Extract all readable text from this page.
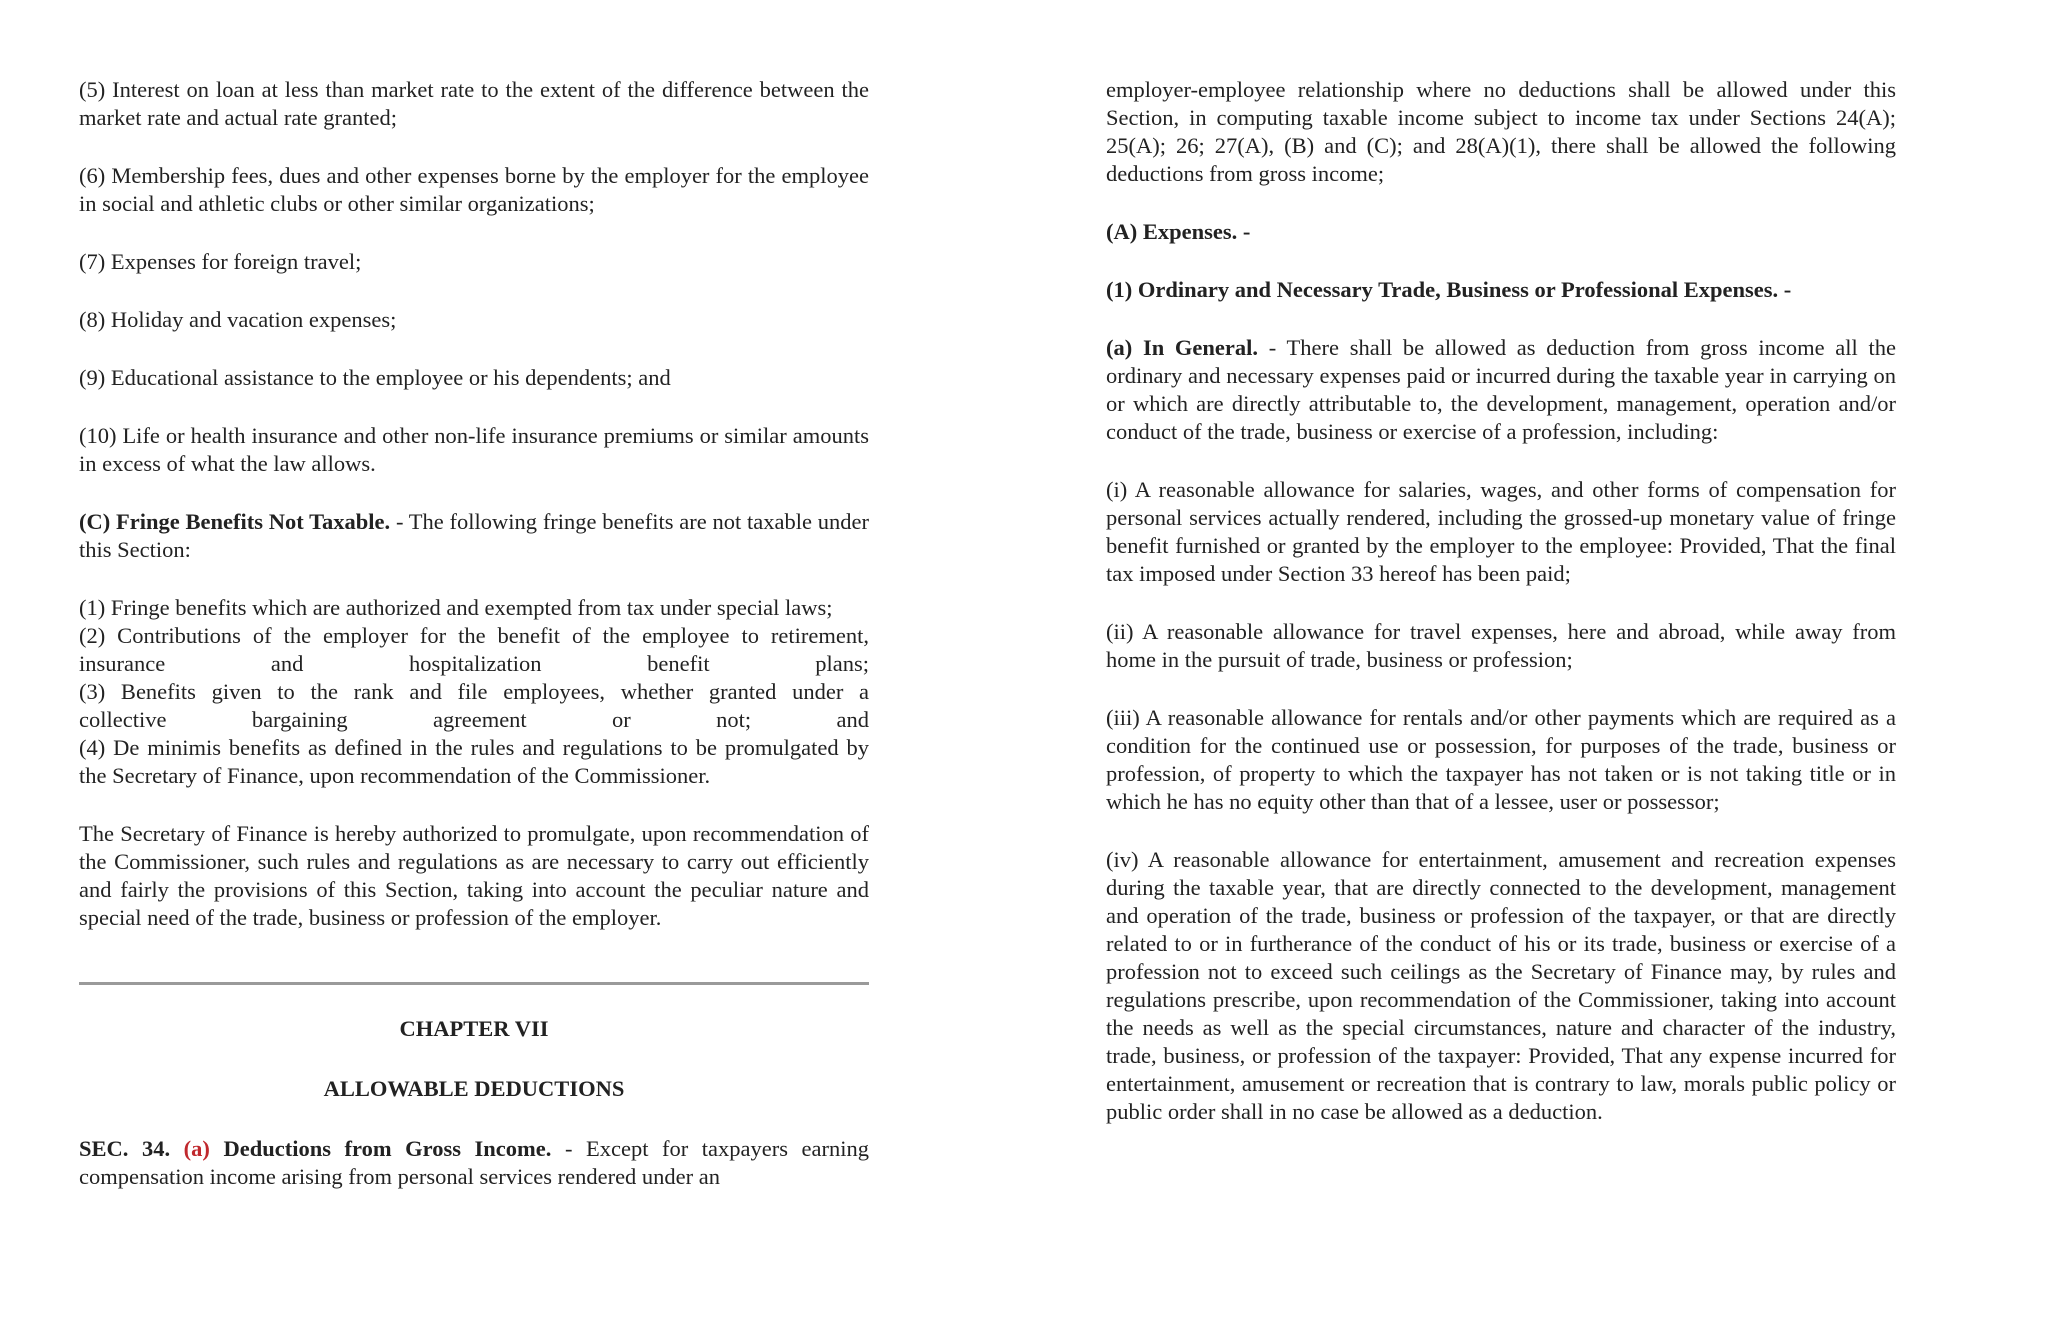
(5) Interest on loan at less than market rate to the extent of the difference between the market rate and actual rate granted;

(6) Membership fees, dues and other expenses borne by the employer for the employee in social and athletic clubs or other similar organizations;

(7) Expenses for foreign travel;

(8) Holiday and vacation expenses;

(9) Educational assistance to the employee or his dependents; and

(10) Life or health insurance and other non-life insurance premiums or similar amounts in excess of what the law allows.

(C) Fringe Benefits Not Taxable. - The following fringe benefits are not taxable under this Section:

(1) Fringe benefits which are authorized and exempted from tax under special laws;

(2) Contributions of the employer for the benefit of the employee to retirement,
insurance and hospitalization benefit plans;
(3) Benefits given to the rank and file employees, whether granted under a
collective bargaining agreement or not; and

(4) De minimis benefits as defined in the rules and regulations to be promulgated by the Secretary of Finance, upon recommendation of the Commissioner.

The Secretary of Finance is hereby authorized to promulgate, upon recommendation of the Commissioner, such rules and regulations as are necessary to carry out efficiently and fairly the provisions of this Section, taking into account the peculiar nature and special need of the trade, business or profession of the employer.

CHAPTER VII
ALLOWABLE DEDUCTIONS

SEC. 34. (a) Deductions from Gross Income. - Except for taxpayers earning compensation income arising from personal services rendered under an

employer-employee relationship where no deductions shall be allowed under this Section, in computing taxable income subject to income tax under Sections 24(A); 25(A); 26; 27(A), (B) and (C); and 28(A)(1), there shall be allowed the following deductions from gross income;

(A) Expenses. -

(1) Ordinary and Necessary Trade, Business or Professional Expenses. -

(a) In General. - There shall be allowed as deduction from gross income all the ordinary and necessary expenses paid or incurred during the taxable year in carrying on or which are directly attributable to, the development, management, operation and/or conduct of the trade, business or exercise of a profession, including:

(i) A reasonable allowance for salaries, wages, and other forms of compensation for personal services actually rendered, including the grossed-up monetary value of fringe benefit furnished or granted by the employer to the employee: Provided, That the final tax imposed under Section 33 hereof has been paid;

(ii) A reasonable allowance for travel expenses, here and abroad, while away from home in the pursuit of trade, business or profession;

(iii) A reasonable allowance for rentals and/or other payments which are required as a condition for the continued use or possession, for purposes of the trade, business or profession, of property to which the taxpayer has not taken or is not taking title or in which he has no equity other than that of a lessee, user or possessor;

(iv) A reasonable allowance for entertainment, amusement and recreation expenses during the taxable year, that are directly connected to the development, management and operation of the trade, business or profession of the taxpayer, or that are directly related to or in furtherance of the conduct of his or its trade, business or exercise of a profession not to exceed such ceilings as the Secretary of Finance may, by rules and regulations prescribe, upon recommendation of the Commissioner, taking into account the needs as well as the special circumstances, nature and character of the industry, trade, business, or profession of the taxpayer: Provided, That any expense incurred for entertainment, amusement or recreation that is contrary to law, morals public policy or public order shall in no case be allowed as a deduction.
